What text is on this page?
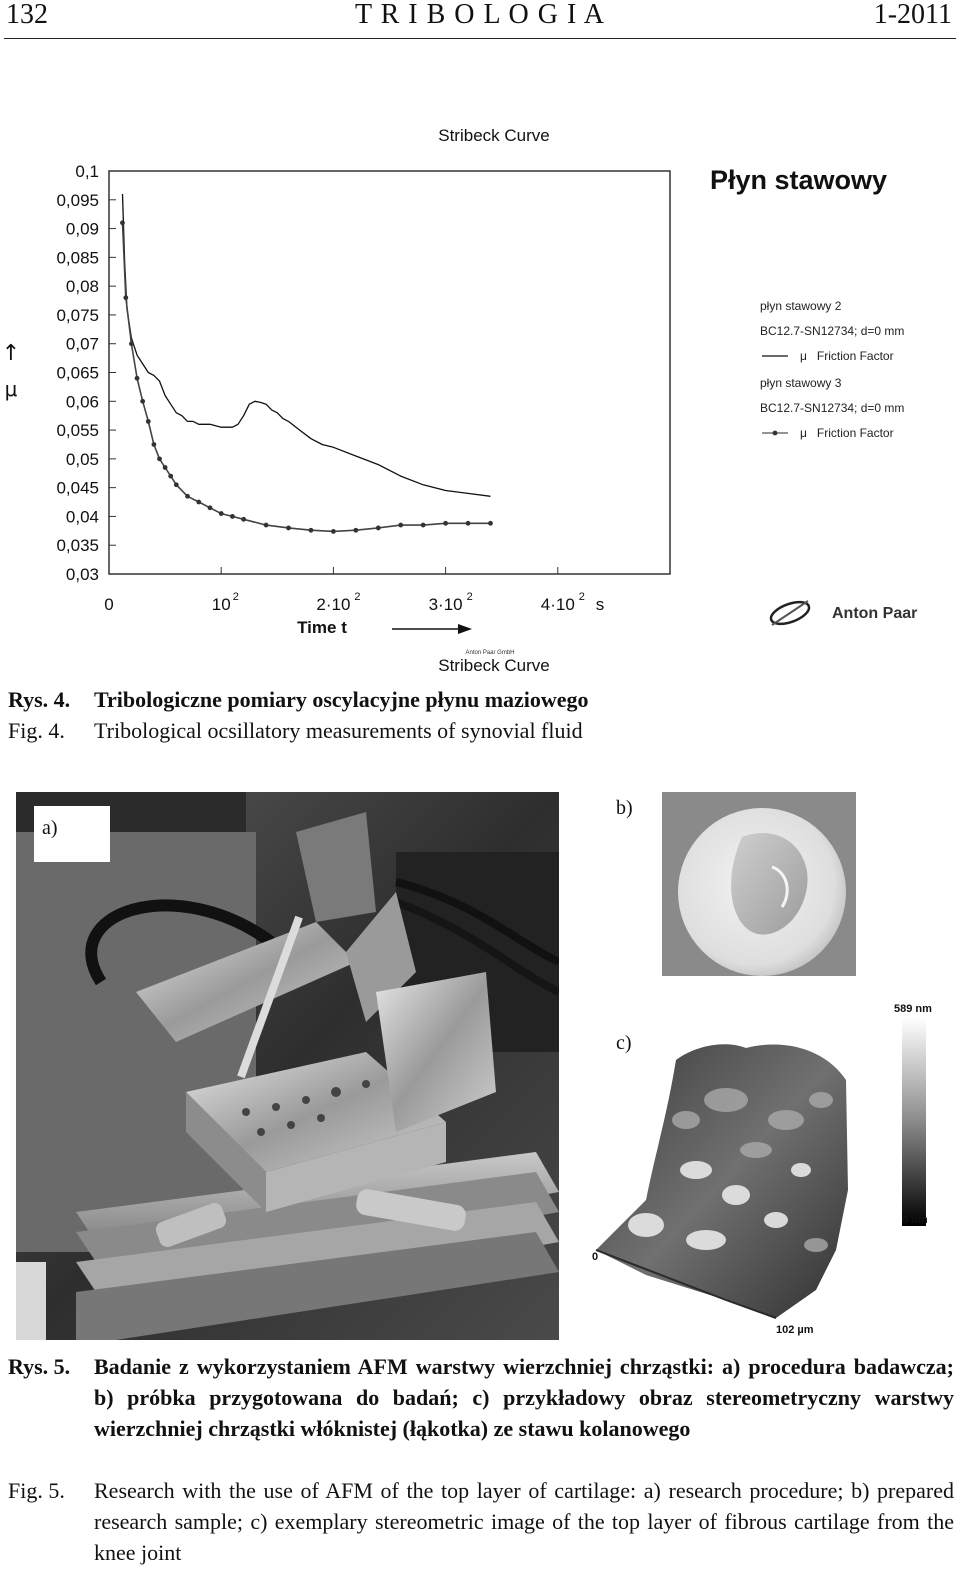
132	T R I B O L O G I A	1-2011
Stribeck Curve
0,1
0,095
0,09
0,085
0,08
0,075
0,07
0,065
0,06
0,055
0,05
0,045
0,04
0,035
0,03
0	10 2	2·10 2	3·10 2	4·10 2
↑
μ
s
Time t
Anton Paar GmbH
Stribeck Curve
Płyn stawowy
płyn stawowy 2
BC12.7-SN12734; d=0 mm
μ   Friction Factor
płyn stawowy 3
BC12.7-SN12734; d=0 mm
μ   Friction Factor
Anton Paar
Rys. 4. Tribologiczne pomiary oscylacyjne płynu maziowego
Fig. 4. Tribological ocsillatory measurements of synovial fluid
a)
b)
c)
589 nm
0 nm
0
102 µm
Rys. 5. Badanie z wykorzystaniem AFM warstwy wierzchniej chrząstki: a) procedura badawcza; b) próbka przygotowana do badań; c) przykładowy obraz stereometryczny warstwy wierzchniej chrząstki włóknistej (łąkotka) ze stawu kolanowego
Fig. 5. Research with the use of AFM of the top layer of cartilage: a) research procedure; b) prepared research sample; c) exemplary stereometric image of the top layer of fibrous cartilage from the knee joint
